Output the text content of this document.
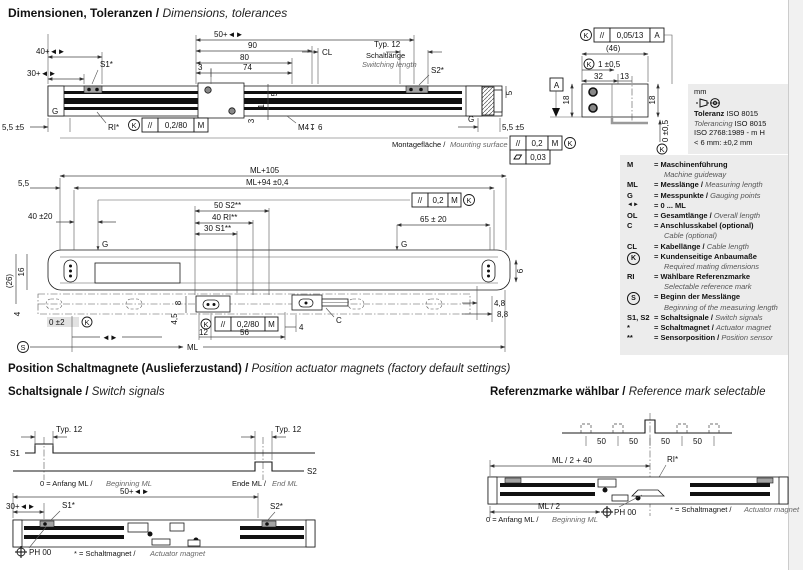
Dimensionen, Toleranzen / Dimensions, tolerances
Position Schaltmagnete (Auslieferzustand) / Position actuator magnets (factory default settings)
Schaltsignale / Switch signals	Referenzmarke wählbar / Reference mark selectable
mm
Toleranz ISO 8015
Tolerancing ISO 8015
ISO 2768:1989 - m H
< 6 mm: ±0,2 mm
M	= Maschinenführung
Machine guideway
ML	= Messlänge / Measuring length
G	= Messpunkte / Gauging points
◄►	= 0 ... ML
OL	= Gesamtlänge / Overall length
C	= Anschlusskabel (optional)
Cable (optional)
CL	= Kabellänge / Cable length
K	= Kundenseitige Anbaumaße
Required mating dimensions
RI	= Wählbare Referenzmarke
Selectable reference mark
S	= Beginn der Messlänge
Beginning of the measuring length
S1, S2 = Schaltsignale / Switch signals
*	= Schaltmagnet / Actuator magnet
**	= Sensorposition / Position sensor
30+◄►
40+◄►
50+◄►
90
80
3	74
CL
Typ. 12
Schaltlänge
Switching length
S2*
S1*
RI*	M4↧ 6
12
5
3
5
G
5,5 ±5
G
5,5 ±5
K // 0,2/80 M
Montagefläche / Mounting surface // 0,2 M K
0,03
K // 0,05/13 A
(46)
K 1 ±0,5
32 13
A
18	18
0 ±0,5
K
C
ML+105
ML+94 ±0,4
5,5
40 ±20
G
// 0,2 M K
G
65 ± 20
50 S2**
40 RI**
30 S1**
(26)
16
4
0 ±2	K
8
4,5	K // 0,2/80 M
12	56
4
4,8
8,8
6
◄►
S	ML
S1
S2
Typ. 12	Typ. 12
0 = Anfang ML / Beginning ML	Ende ML / End ML
50+◄►
30+◄►	S1*	S2*
PH 00	* = Schaltmagnet / Actuator magnet
50	50	50	50
ML / 2 + 40	RI*
ML / 2
PH 00
0 = Anfang ML / Beginning ML
* = Schaltmagnet / Actuator magnet
